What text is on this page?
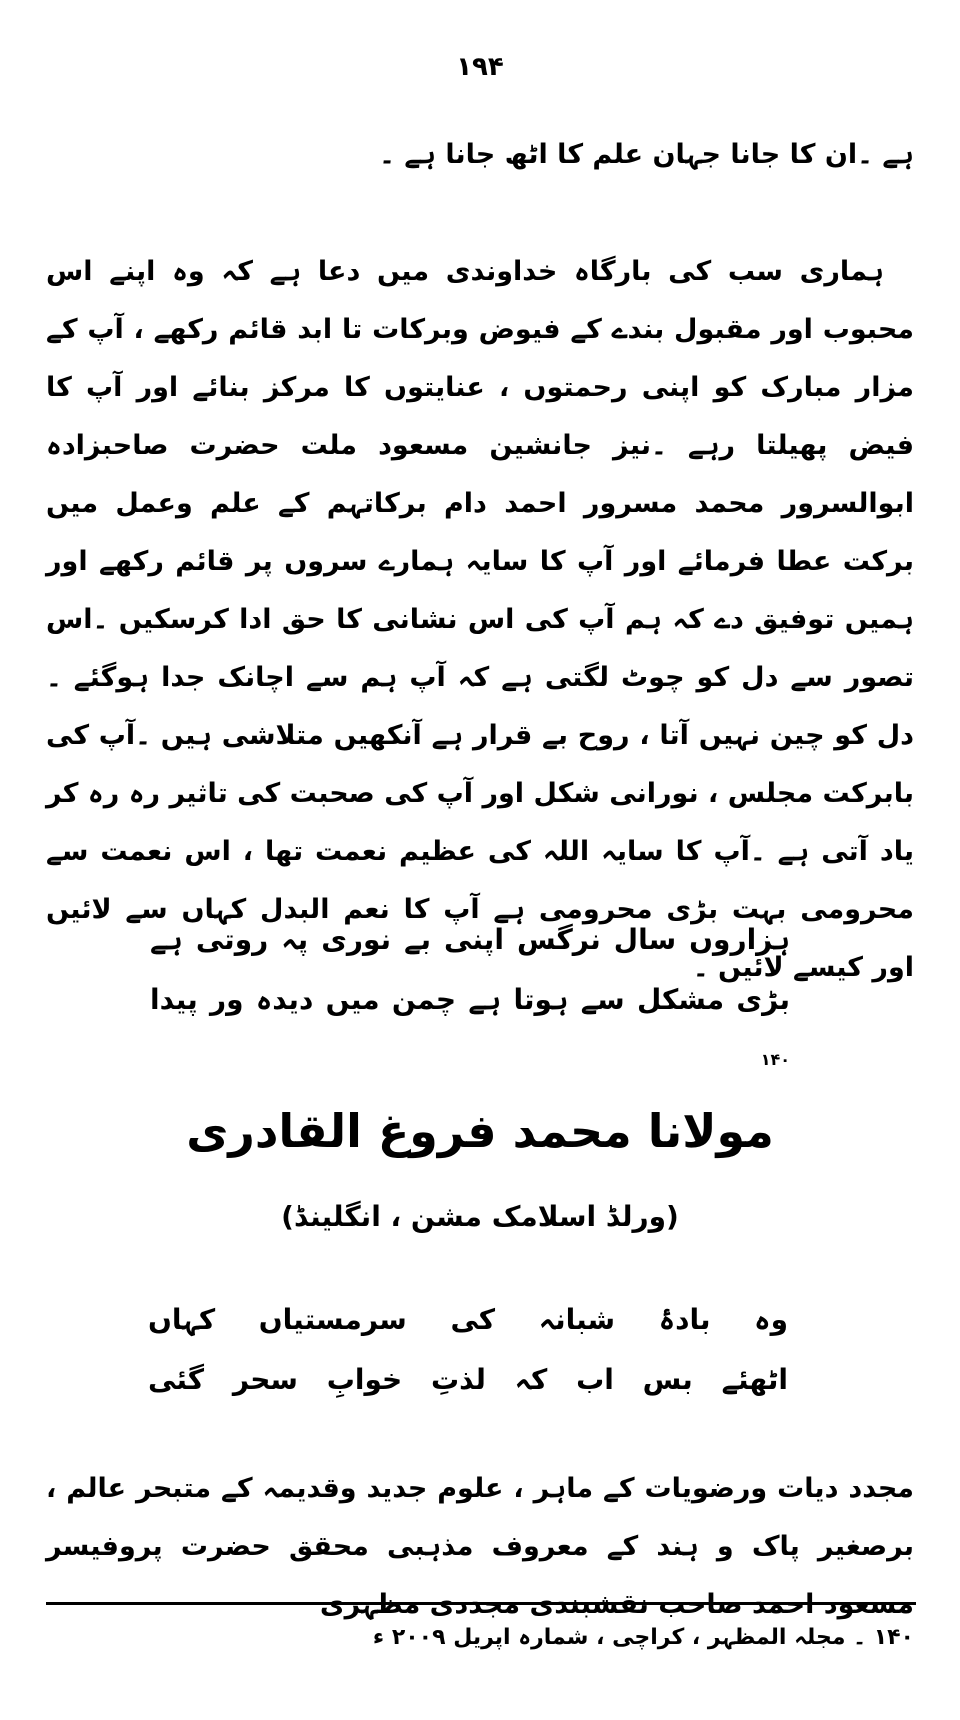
۱۹۴

ہے ۔ان کا جانا جہان علم کا اٹھ جانا ہے ۔

ہماری سب کی بارگاہ خداوندی میں دعا ہے کہ وہ اپنے اس محبوب اور مقبول بندے کے فیوض وبرکات تا ابد قائم رکھے ، آپ کے مزار مبارک کو اپنی رحمتوں ، عنایتوں کا مرکز بنائے اور آپ کا فیض پھیلتا رہے ۔نیز جانشین مسعود ملت حضرت صاحبزادہ ابوالسرور محمد مسرور احمد دام برکاتہم کے علم وعمل میں برکت عطا فرمائے اور آپ کا سایہ ہمارے سروں پر قائم رکھے اور ہمیں توفیق دے کہ ہم آپ کی اس نشانی کا حق ادا کرسکیں ۔اس تصور سے دل کو چوٹ لگتی ہے کہ آپ ہم سے اچانک جدا ہوگئے ۔دل کو چین نہیں آتا ، روح بے قرار ہے آنکھیں متلاشی ہیں ۔آپ کی بابرکت مجلس ، نورانی شکل اور آپ کی صحبت کی تاثیر رہ رہ کر یاد آتی ہے ۔آپ کا سایہ اللہ کی عظیم نعمت تھا ، اس نعمت سے محرومی بہت بڑی محرومی ہے آپ کا نعم البدل کہاں سے لائیں اور کیسے لائیں ۔

ہزاروں سال نرگس اپنی بے نوری پہ روتی ہے
بڑی مشکل سے ہوتا ہے چمن میں دیدہ ور پیدا $^{۱۴۰}$
مولانا محمد فروغ القادری
(ورلڈ اسلامک مشن ، انگلینڈ)
وہ بادۂ شبانہ کی سرمستیاں کہاں
اٹھئے بس اب کہ لذتِ خوابِ سحر گئی

مجدد دیات ورضویات کے ماہر ، علوم جدید وقدیمہ کے متبحر عالم ، برصغیر پاک و ہند کے معروف مذہبی محقق حضرت پروفیسر مسعود احمد صاحب نقشبندی مجددی مظہری

۱۴۰ ۔ مجلہ المظہر ، کراچی ، شمارہ اپریل ۲۰۰۹ ء
